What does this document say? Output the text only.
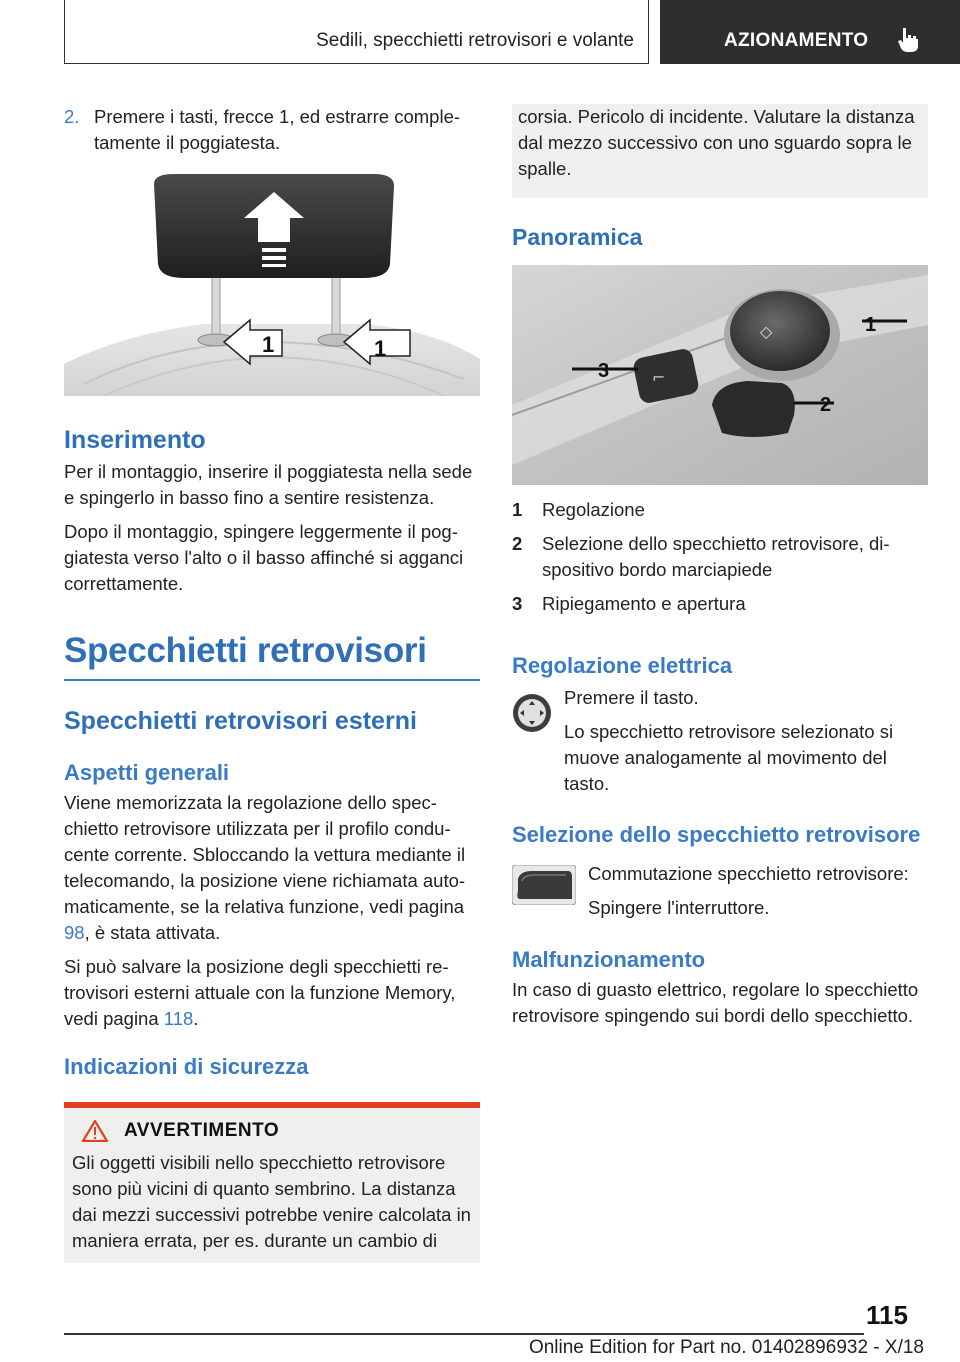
Sedili, specchietti retrovisori e volante	AZIONAMENTO
2. Premere i tasti, frecce 1, ed estrarre completamente il poggiatesta.
1	1
Inserimento

Per il montaggio, inserire il poggiatesta nella sede e spingerlo in basso fino a sentire resistenza.

Dopo il montaggio, spingere leggermente il poggiatesta verso l'alto o il basso affinché si agganci correttamente.

Specchietti retrovisori
Specchietti retrovisori esterni
Aspetti generali

Viene memorizzata la regolazione dello specchietto retrovisore utilizzata per il profilo conducente corrente. Sbloccando la vettura mediante il telecomando, la posizione viene richiamata automaticamente, se la relativa funzione, vedi pagina 98, è stata attivata.

Si può salvare la posizione degli specchietti retrovisori esterni attuale con la funzione Memory, vedi pagina 118.

Indicazioni di sicurezza
AVVERTIMENTO

Gli oggetti visibili nello specchietto retrovisore sono più vicini di quanto sembrino. La distanza dai mezzi successivi potrebbe venire calcolata in maniera errata, per es. durante un cambio di

corsia. Pericolo di incidente. Valutare la distanza dal mezzo successivo con uno sguardo sopra le spalle.

Panoramica
◇	1
⌐
3
2
1 Regolazione
2 Selezione dello specchietto retrovisore, dispositivo bordo marciapiede
3 Ripiegamento e apertura
Regolazione elettrica

Premere il tasto.

Lo specchietto retrovisore selezionato si muove analogamente al movimento del tasto.

Selezione dello specchietto retrovisore

Commutazione specchietto retrovisore:

Spingere l'interruttore.

Malfunzionamento

In caso di guasto elettrico, regolare lo specchietto retrovisore spingendo sui bordi dello specchietto.

115
Online Edition for Part no. 01402896932 - X/18
